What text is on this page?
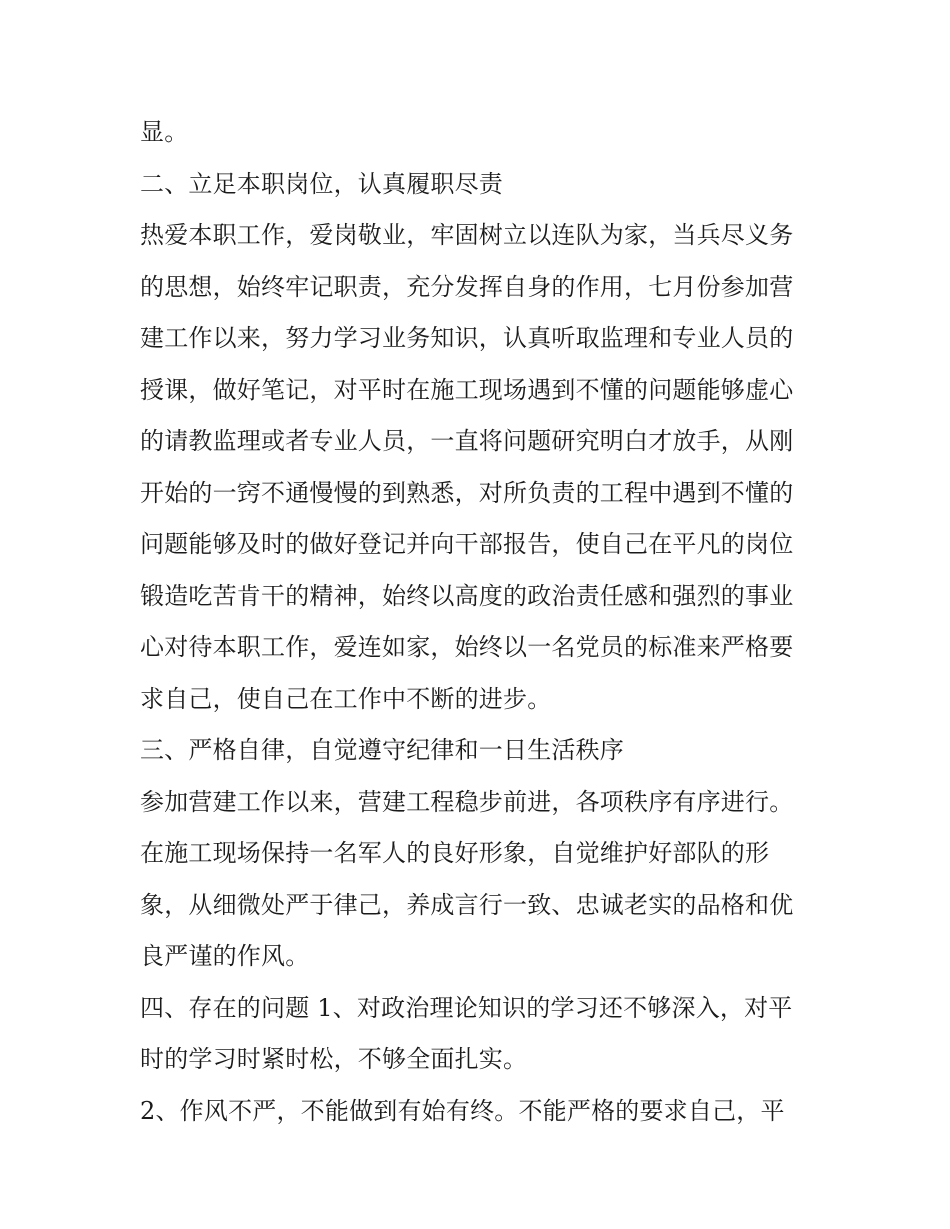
显。
二、立足本职岗位，认真履职尽责
热爱本职工作，爱岗敬业，牢固树立以连队为家，当兵尽义务
的思想，始终牢记职责，充分发挥自身的作用，七月份参加营
建工作以来，努力学习业务知识，认真听取监理和专业人员的
授课，做好笔记，对平时在施工现场遇到不懂的问题能够虚心
的请教监理或者专业人员，一直将问题研究明白才放手，从刚
开始的一窍不通慢慢的到熟悉，对所负责的工程中遇到不懂的
问题能够及时的做好登记并向干部报告，使自己在平凡的岗位
锻造吃苦肯干的精神，始终以高度的政治责任感和强烈的事业
心对待本职工作，爱连如家，始终以一名党员的标准来严格要
求自己，使自己在工作中不断的进步。
三、严格自律，自觉遵守纪律和一日生活秩序
参加营建工作以来，营建工程稳步前进，各项秩序有序进行。
在施工现场保持一名军人的良好形象，自觉维护好部队的形
象，从细微处严于律己，养成言行一致、忠诚老实的品格和优
良严谨的作风。
四、存在的问题 1、对政治理论知识的学习还不够深入，对平
时的学习时紧时松，不够全面扎实。
2、作风不严，不能做到有始有终。不能严格的要求自己，平
